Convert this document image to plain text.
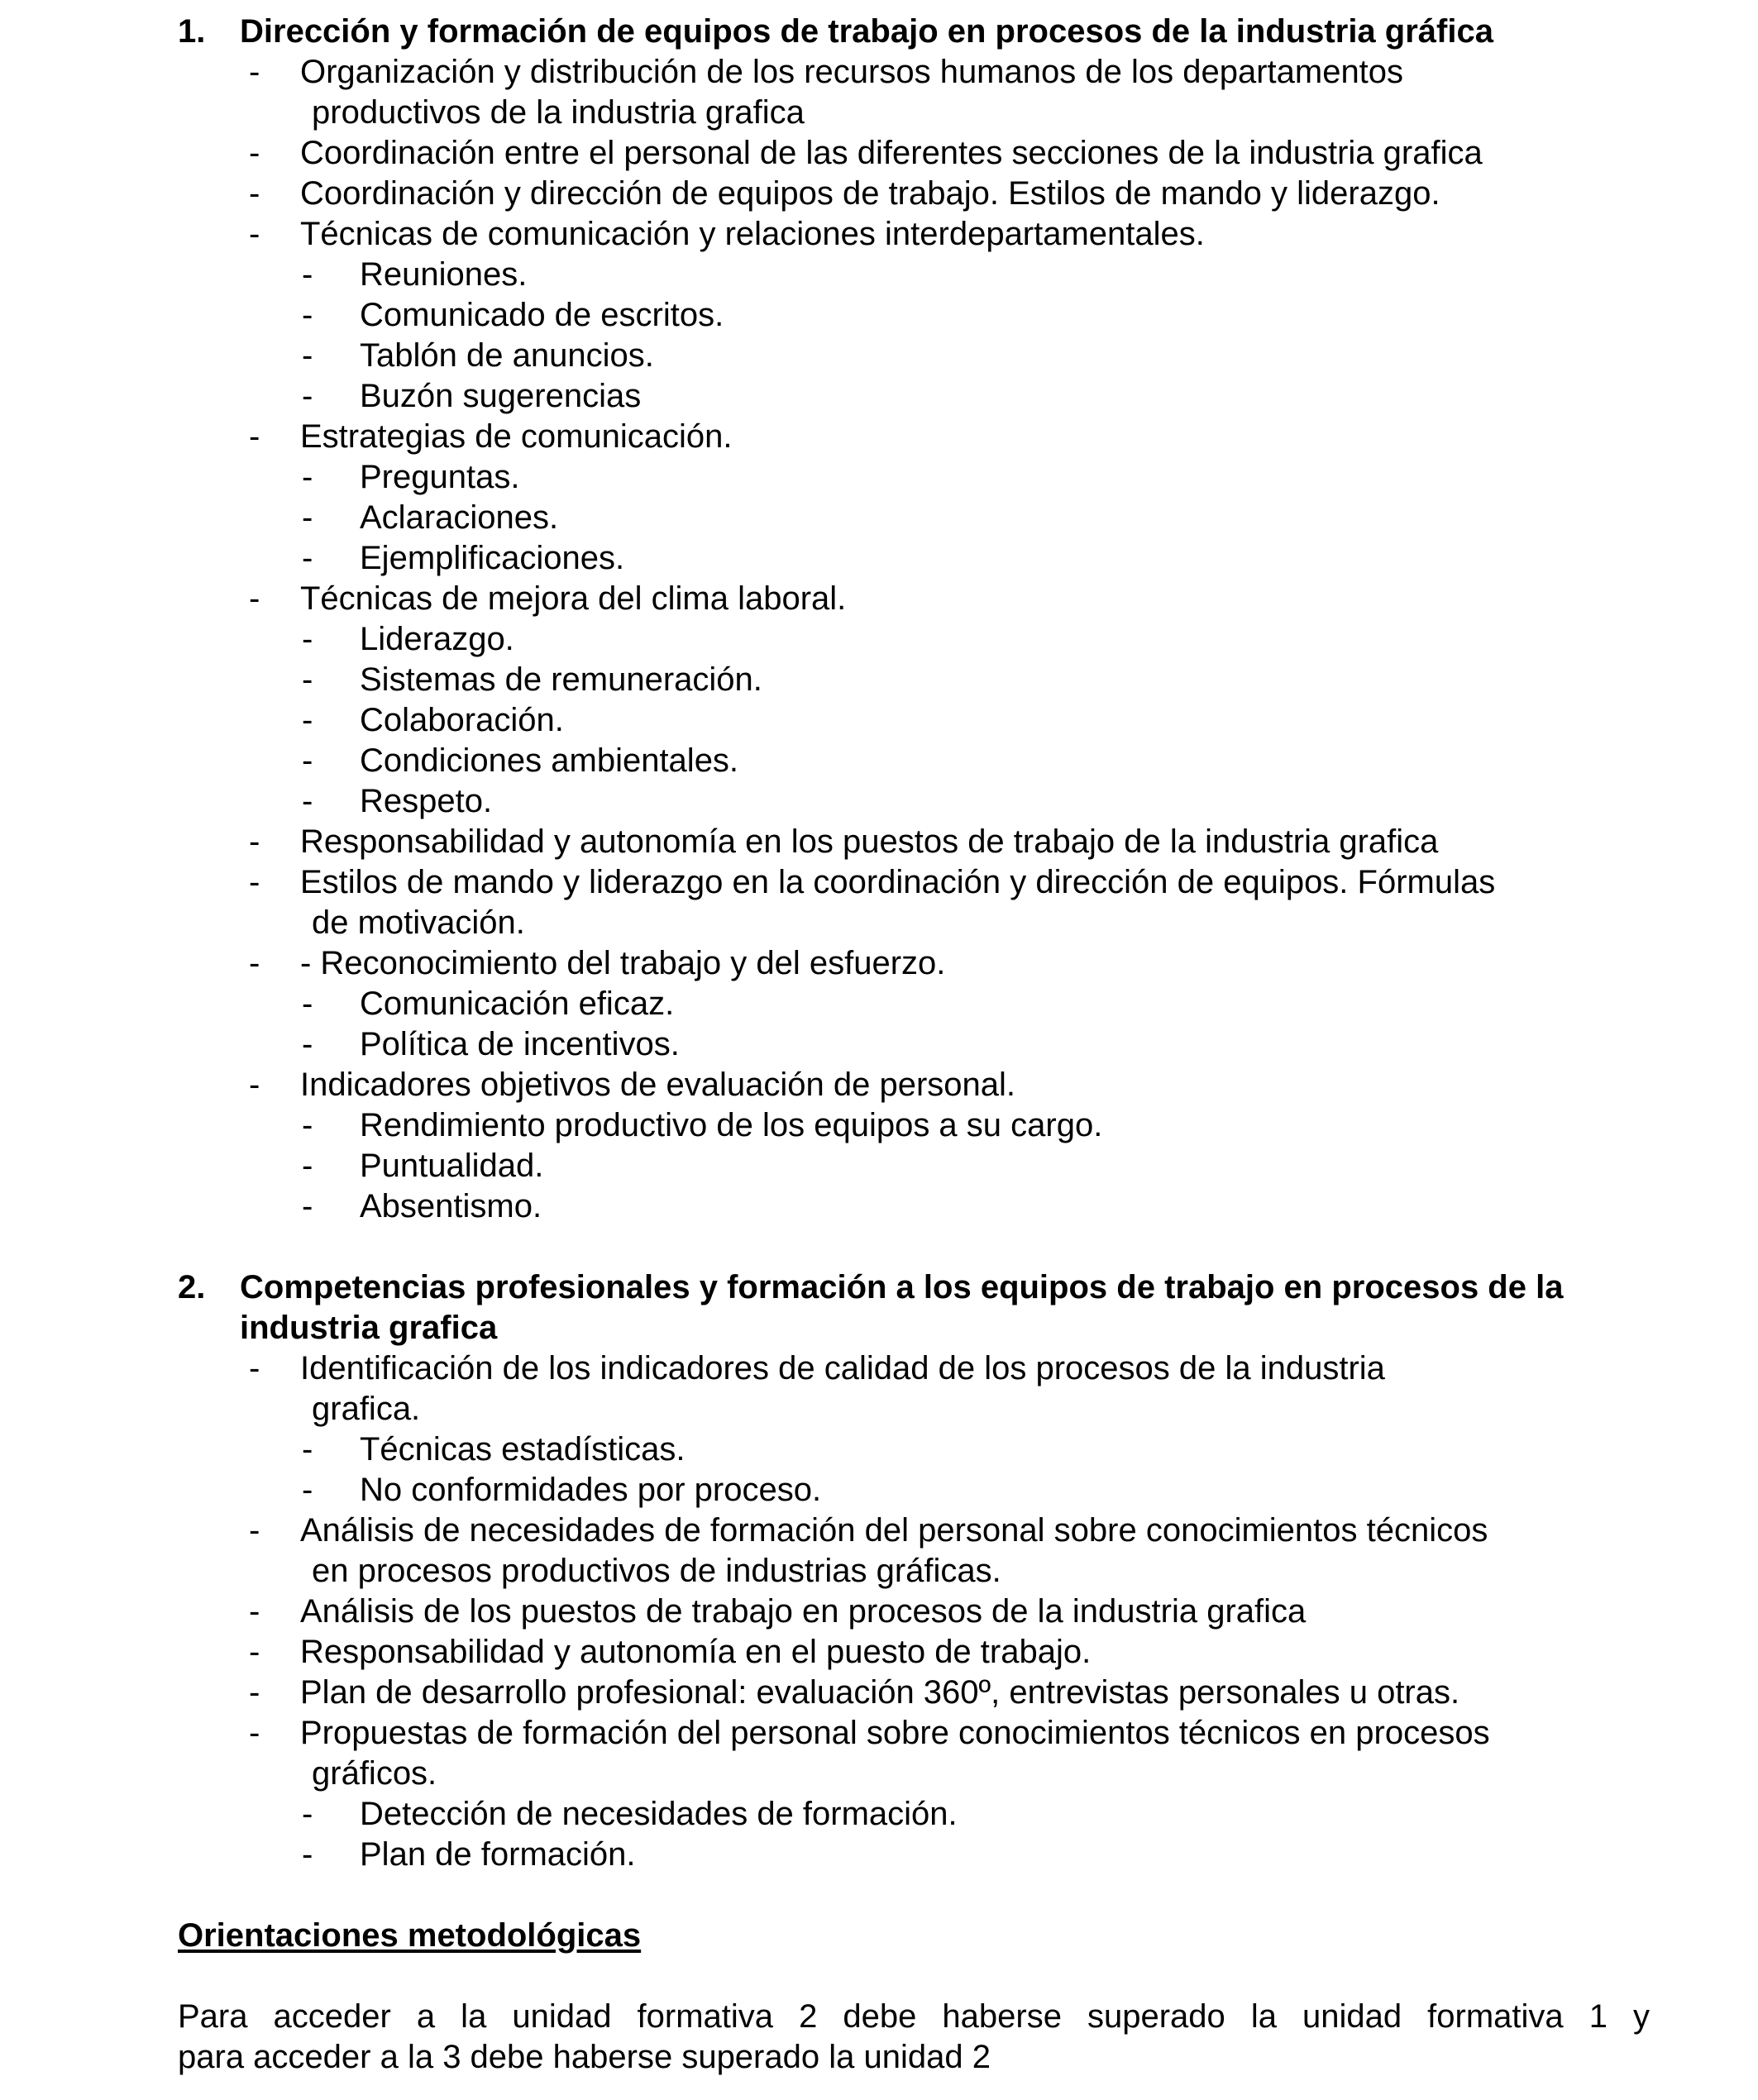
1.	Dirección y formación de equipos de trabajo en procesos de la industria gráfica
- Organización y distribución de los recursos humanos de los departamentos
productivos de la industria grafica
- Coordinación entre el personal de las diferentes secciones de la industria grafica
- Coordinación y dirección de equipos de trabajo. Estilos de mando y liderazgo.
- Técnicas de comunicación y relaciones interdepartamentales.
- Reuniones.
- Comunicado de escritos.
- Tablón de anuncios.
- Buzón sugerencias
- Estrategias de comunicación.
- Preguntas.
- Aclaraciones.
- Ejemplificaciones.
- Técnicas de mejora del clima laboral.
- Liderazgo.
- Sistemas de remuneración.
- Colaboración.
- Condiciones ambientales.
- Respeto.
- Responsabilidad y autonomía en los puestos de trabajo de la industria grafica
- Estilos de mando y liderazgo en la coordinación y dirección de equipos. Fórmulas
de motivación.
- - Reconocimiento del trabajo y del esfuerzo.
- Comunicación eficaz.
- Política de incentivos.
- Indicadores objetivos de evaluación de personal.
- Rendimiento productivo de los equipos a su cargo.
- Puntualidad.
- Absentismo.
2.	Competencias profesionales y formación a los equipos de trabajo en procesos de la industria grafica
- Identificación de los indicadores de calidad de los procesos de la industria
grafica.
- Técnicas estadísticas.
- No conformidades por proceso.
- Análisis de necesidades de formación del personal sobre conocimientos técnicos
en procesos productivos de industrias gráficas.
- Análisis de los puestos de trabajo en procesos de la industria grafica
- Responsabilidad y autonomía en el puesto de trabajo.
- Plan de desarrollo profesional: evaluación 360º, entrevistas personales u otras.
- Propuestas de formación del personal sobre conocimientos técnicos en procesos
gráficos.
- Detección de necesidades de formación.
- Plan de formación.
Orientaciones metodológicas
Para acceder a la unidad formativa 2 debe haberse superado la unidad formativa 1 y
para acceder a la 3 debe haberse superado la unidad 2
